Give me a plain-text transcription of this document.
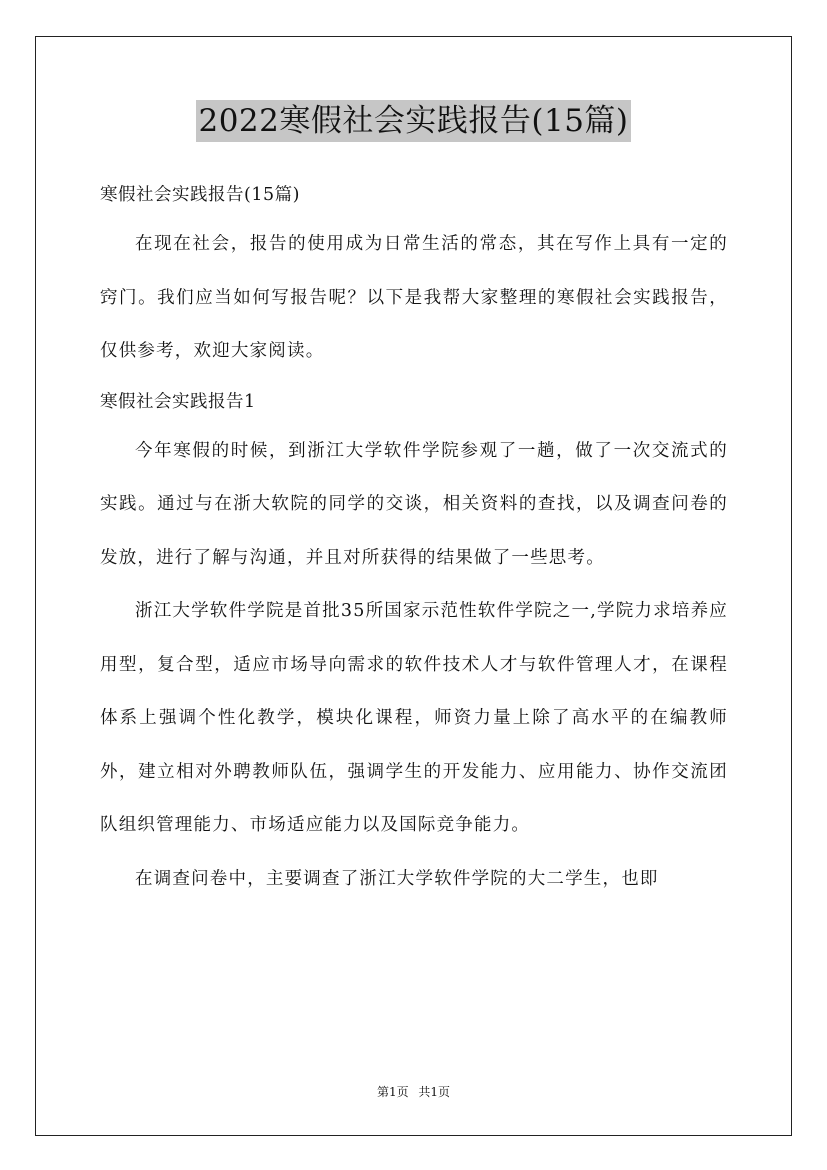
2022寒假社会实践报告(15篇)

寒假社会实践报告(15篇)

在现在社会，报告的使用成为日常生活的常态，其在写作上具有一定的窍门。我们应当如何写报告呢？以下是我帮大家整理的寒假社会实践报告，仅供参考，欢迎大家阅读。

寒假社会实践报告1

今年寒假的时候，到浙江大学软件学院参观了一趟，做了一次交流式的实践。通过与在浙大软院的同学的交谈，相关资料的查找，以及调查问卷的发放，进行了解与沟通，并且对所获得的结果做了一些思考。

浙江大学软件学院是首批35所国家示范性软件学院之一,学院力求培养应用型，复合型，适应市场导向需求的软件技术人才与软件管理人才，在课程体系上强调个性化教学，模块化课程，师资力量上除了高水平的在编教师外，建立相对外聘教师队伍，强调学生的开发能力、应用能力、协作交流团队组织管理能力、市场适应能力以及国际竞争能力。

在调查问卷中，主要调查了浙江大学软件学院的大二学生，也即

第1页 共1页
